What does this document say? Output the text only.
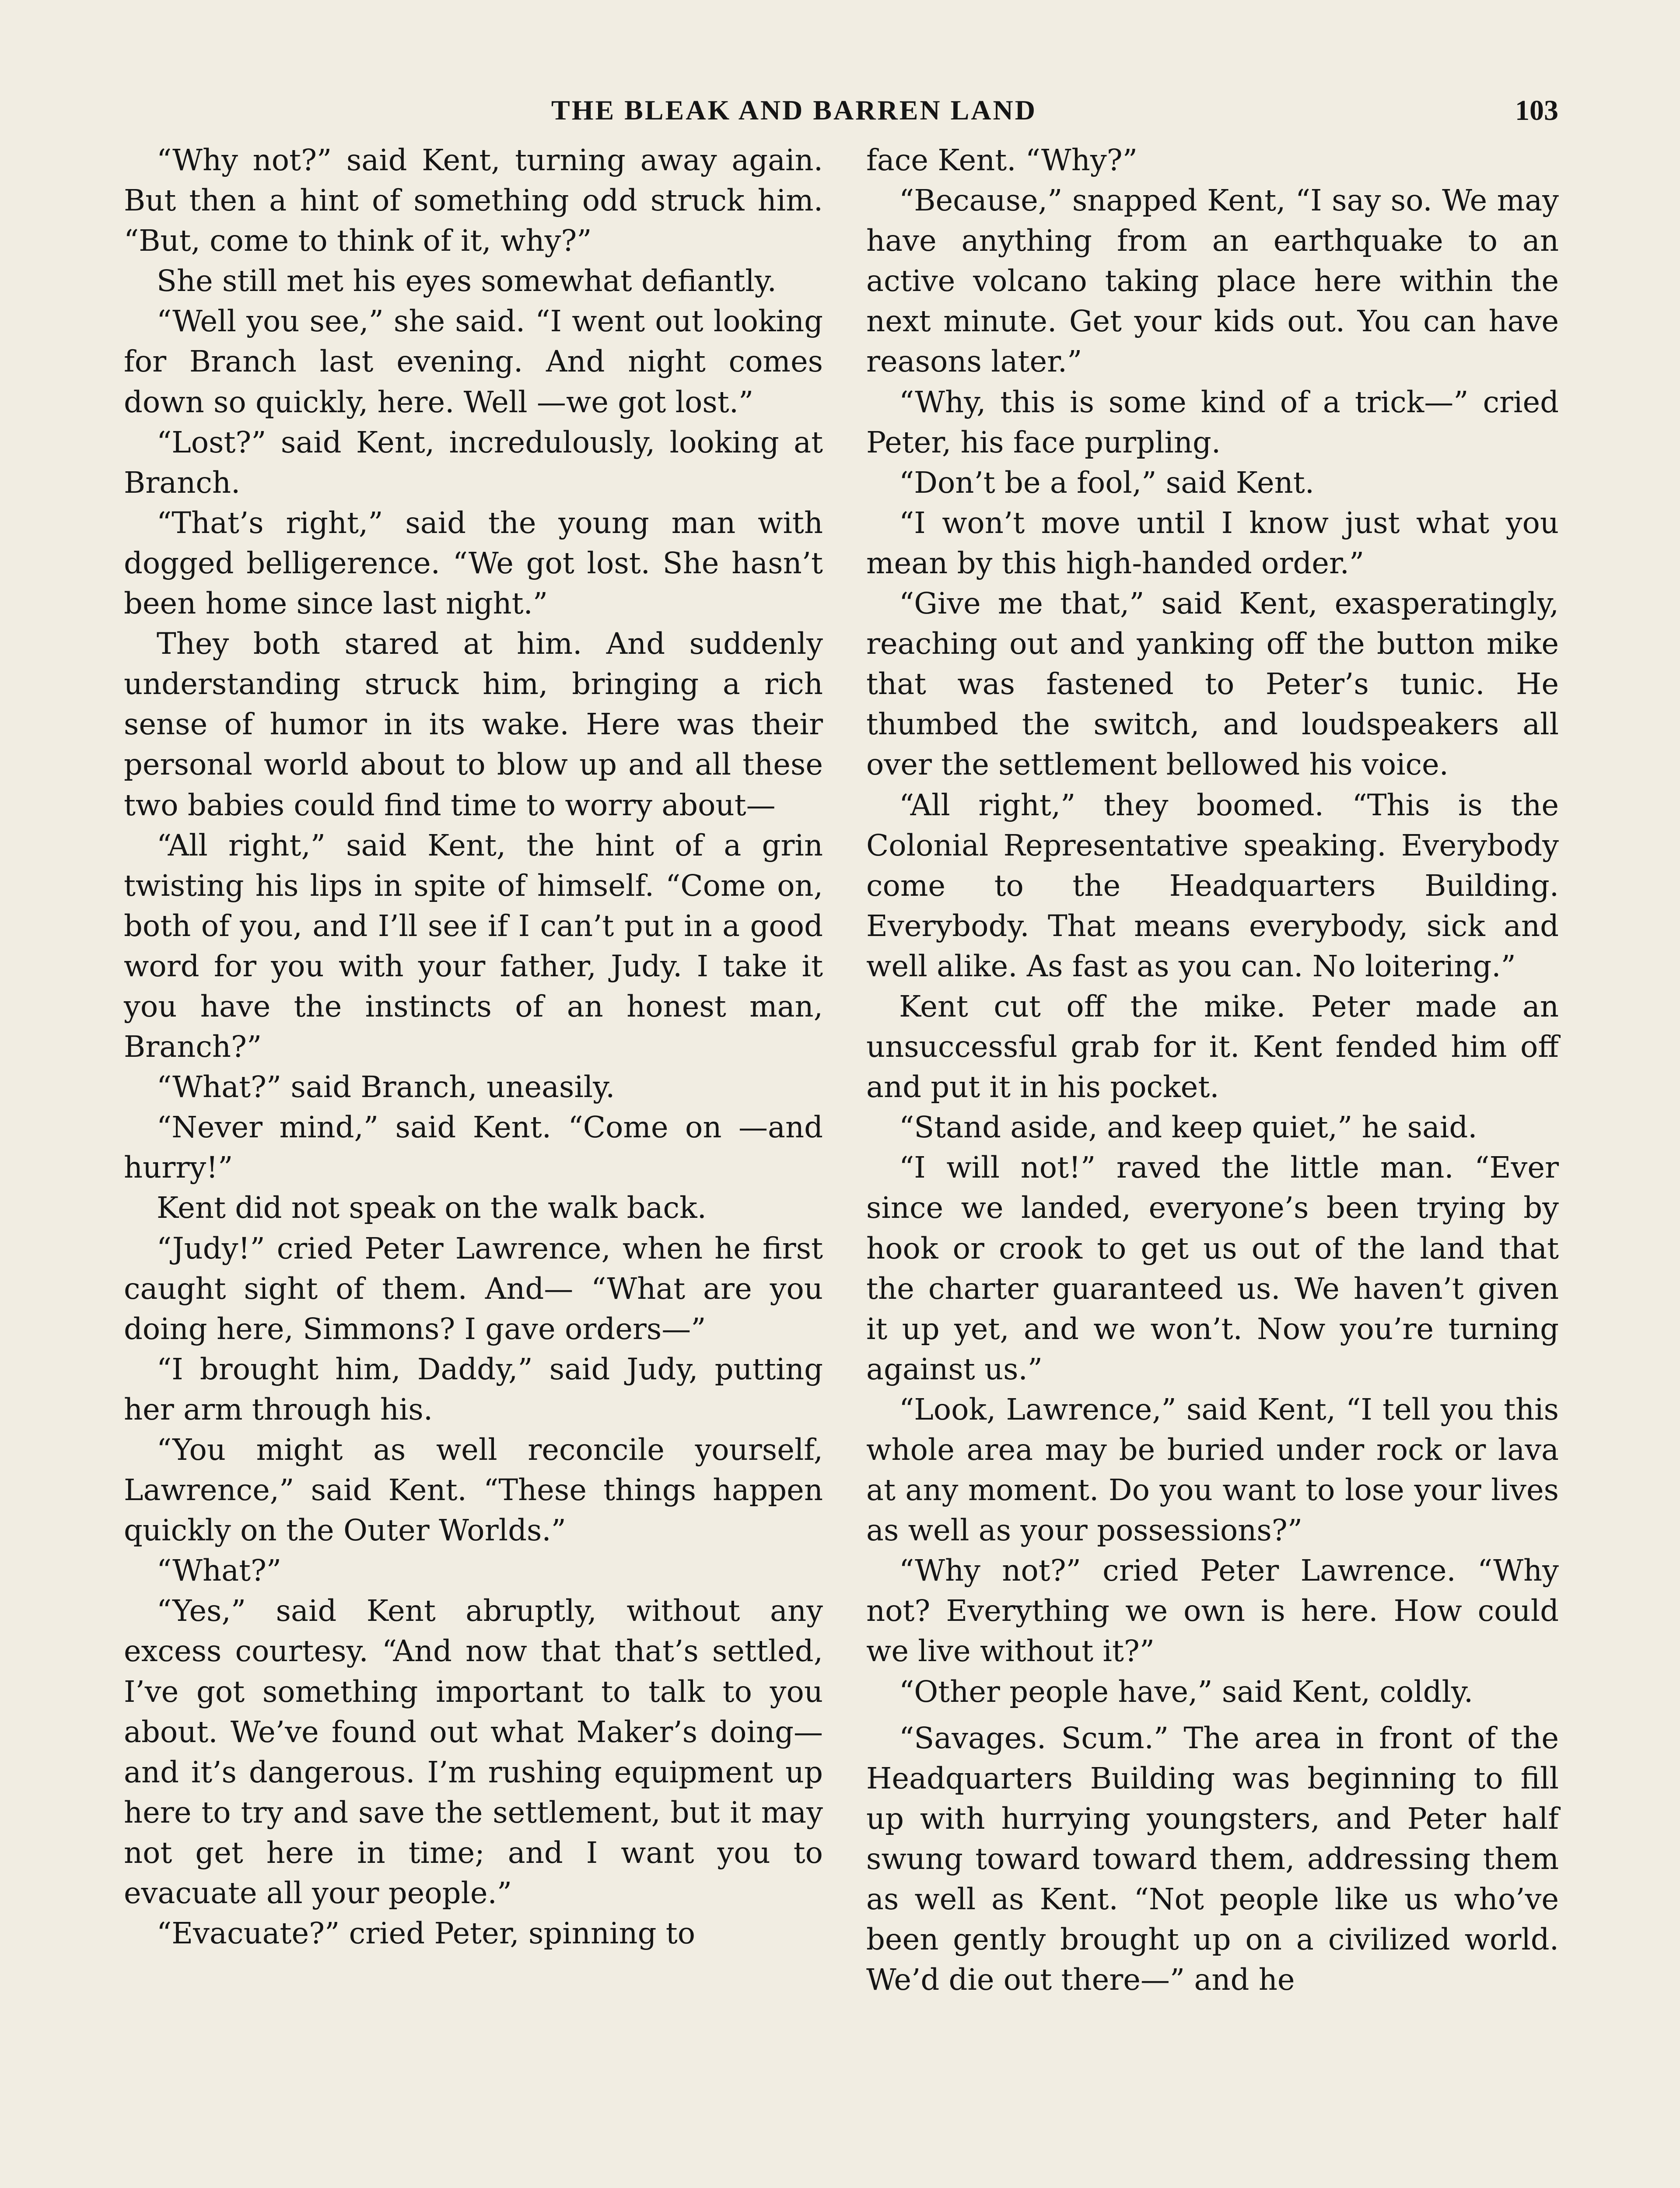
THE BLEAK AND BARREN LAND	103

“Why not?” said Kent, turning away again. But then a hint of something odd struck him. “But, come to think of it, why?”

She still met his eyes somewhat defiantly.

“Well you see,” she said. “I went out looking for Branch last evening. And night comes down so quickly, here. Well —we got lost.”

“Lost?” said Kent, incredulously, looking at Branch.

“That’s right,” said the young man with dogged belligerence. “We got lost. She hasn’t been home since last night.”

They both stared at him. And suddenly understanding struck him, bringing a rich sense of humor in its wake. Here was their personal world about to blow up and all these two babies could find time to worry about—

“All right,” said Kent, the hint of a grin twisting his lips in spite of himself. “Come on, both of you, and I’ll see if I can’t put in a good word for you with your father, Judy. I take it you have the instincts of an honest man, Branch?”

“What?” said Branch, uneasily.

“Never mind,” said Kent. “Come on —and hurry!”

Kent did not speak on the walk back.

“Judy!” cried Peter Lawrence, when he first caught sight of them. And— “What are you doing here, Simmons? I gave orders—”

“I brought him, Daddy,” said Judy, putting her arm through his.

“You might as well reconcile yourself, Lawrence,” said Kent. “These things happen quickly on the Outer Worlds.”

“What?”

“Yes,” said Kent abruptly, without any excess courtesy. “And now that that’s settled, I’ve got something important to talk to you about. We’ve found out what Maker’s doing—and it’s dangerous. I’m rushing equipment up here to try and save the settlement, but it may not get here in time; and I want you to evacuate all your people.”

“Evacuate?” cried Peter, spinning to

face Kent. “Why?”

“Because,” snapped Kent, “I say so. We may have anything from an earthquake to an active volcano taking place here within the next minute. Get your kids out. You can have reasons later.”

“Why, this is some kind of a trick—” cried Peter, his face purpling.

“Don’t be a fool,” said Kent.

“I won’t move until I know just what you mean by this high-handed order.”

“Give me that,” said Kent, exasperatingly, reaching out and yanking off the button mike that was fastened to Peter’s tunic. He thumbed the switch, and loudspeakers all over the settlement bellowed his voice.

“All right,” they boomed. “This is the Colonial Representative speaking. Everybody come to the Headquarters Building. Everybody. That means everybody, sick and well alike. As fast as you can. No loitering.”

Kent cut off the mike. Peter made an unsuccessful grab for it. Kent fended him off and put it in his pocket.

“Stand aside, and keep quiet,” he said.

“I will not!” raved the little man. “Ever since we landed, everyone’s been trying by hook or crook to get us out of the land that the charter guaranteed us. We haven’t given it up yet, and we won’t. Now you’re turning against us.”

“Look, Lawrence,” said Kent, “I tell you this whole area may be buried under rock or lava at any moment. Do you want to lose your lives as well as your possessions?”

“Why not?” cried Peter Lawrence. “Why not? Everything we own is here. How could we live without it?”

“Other people have,” said Kent, coldly.

“Savages. Scum.” The area in front of the Headquarters Building was beginning to fill up with hurrying youngsters, and Peter half swung toward toward them, addressing them as well as Kent. “Not people like us who’ve been gently brought up on a civilized world. We’d die out there—” and he
